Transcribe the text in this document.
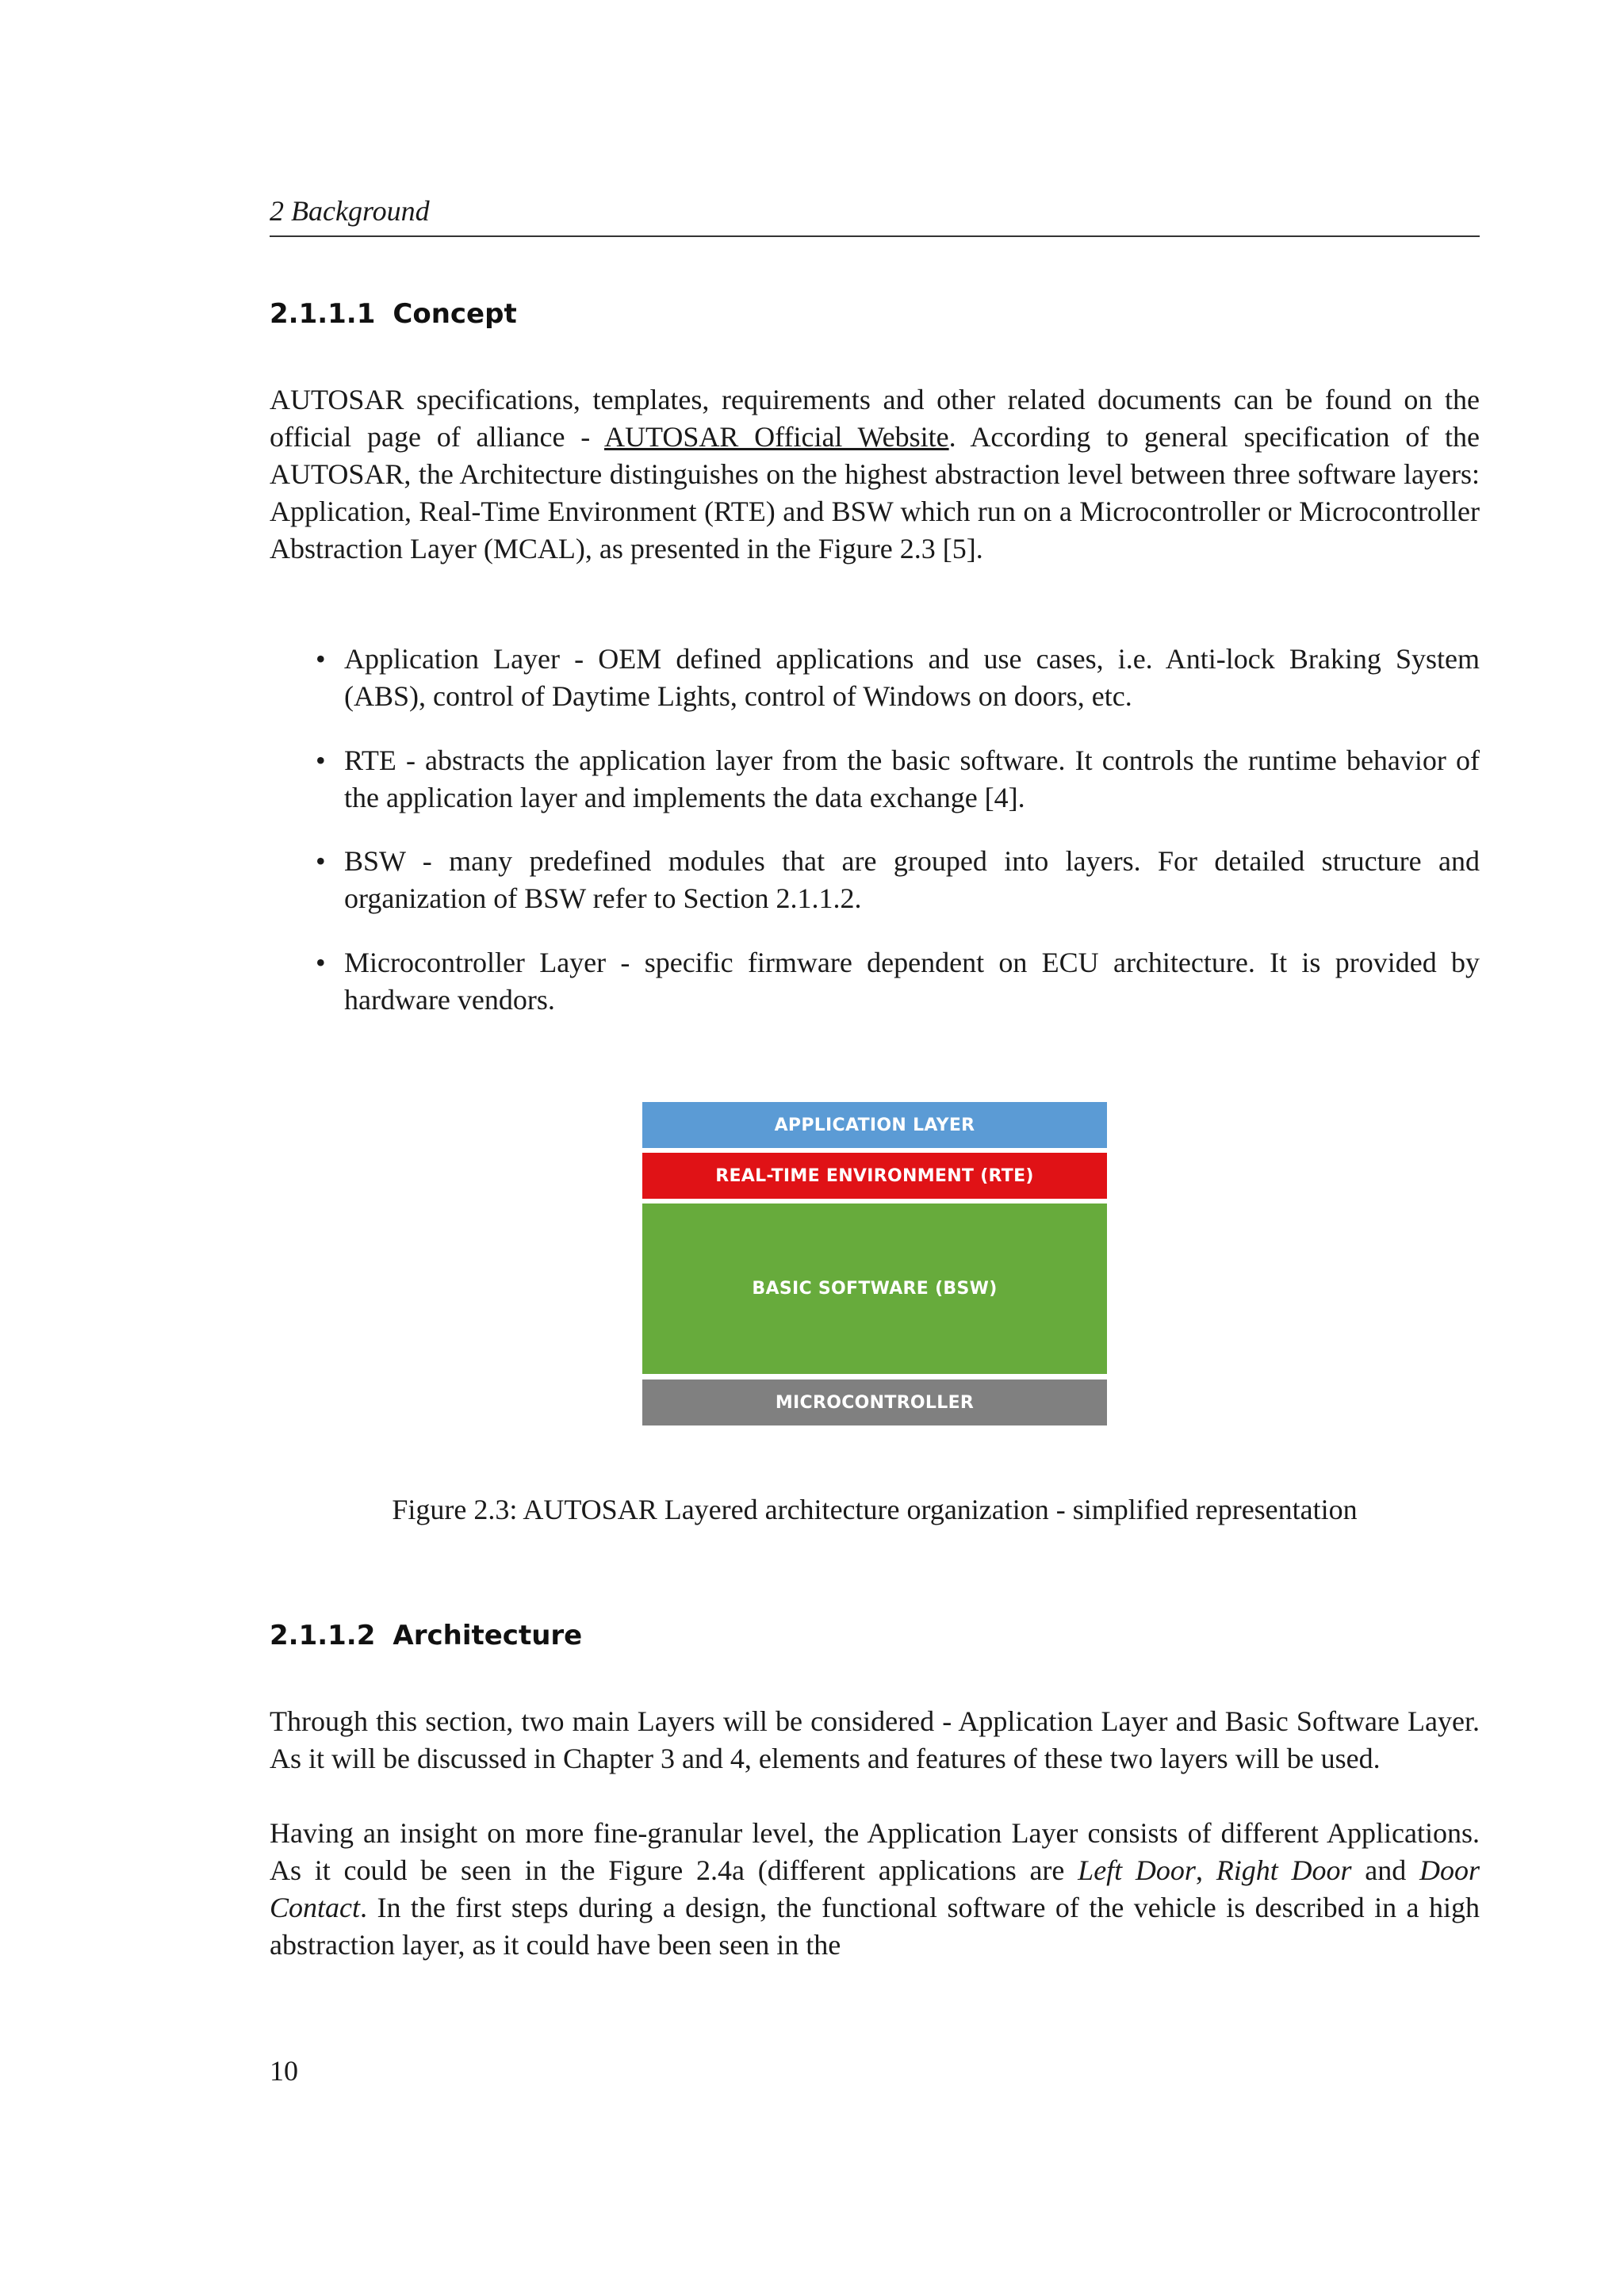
2 Background
2.1.1.1 Concept

AUTOSAR specifications, templates, requirements and other related documents can be found on the official page of alliance - AUTOSAR Official Website. According to general specification of the AUTOSAR, the Architecture distinguishes on the highest abstraction level between three software layers: Application, Real-Time Environment (RTE) and BSW which run on a Microcontroller or Microcontroller Abstraction Layer (MCAL), as presented in the Figure 2.3 [5].

• Application Layer - OEM defined applications and use cases, i.e. Anti-lock Braking System (ABS), control of Daytime Lights, control of Windows on doors, etc.
• RTE - abstracts the application layer from the basic software. It controls the runtime behavior of the application layer and implements the data exchange [4].
• BSW - many predefined modules that are grouped into layers. For detailed structure and organization of BSW refer to Section 2.1.1.2.
• Microcontroller Layer - specific firmware dependent on ECU architecture. It is provided by hardware vendors.
APPLICATION LAYER
REAL-TIME ENVIRONMENT (RTE)
BASIC SOFTWARE (BSW)
MICROCONTROLLER
Figure 2.3: AUTOSAR Layered architecture organization - simplified representation
2.1.1.2 Architecture

Through this section, two main Layers will be considered - Application Layer and Basic Software Layer. As it will be discussed in Chapter 3 and 4, elements and features of these two layers will be used.

Having an insight on more fine-granular level, the Application Layer consists of different Applications. As it could be seen in the Figure 2.4a (different applications are Left Door, Right Door and Door Contact. In the first steps during a design, the functional software of the vehicle is described in a high abstraction layer, as it could have been seen in the

10
